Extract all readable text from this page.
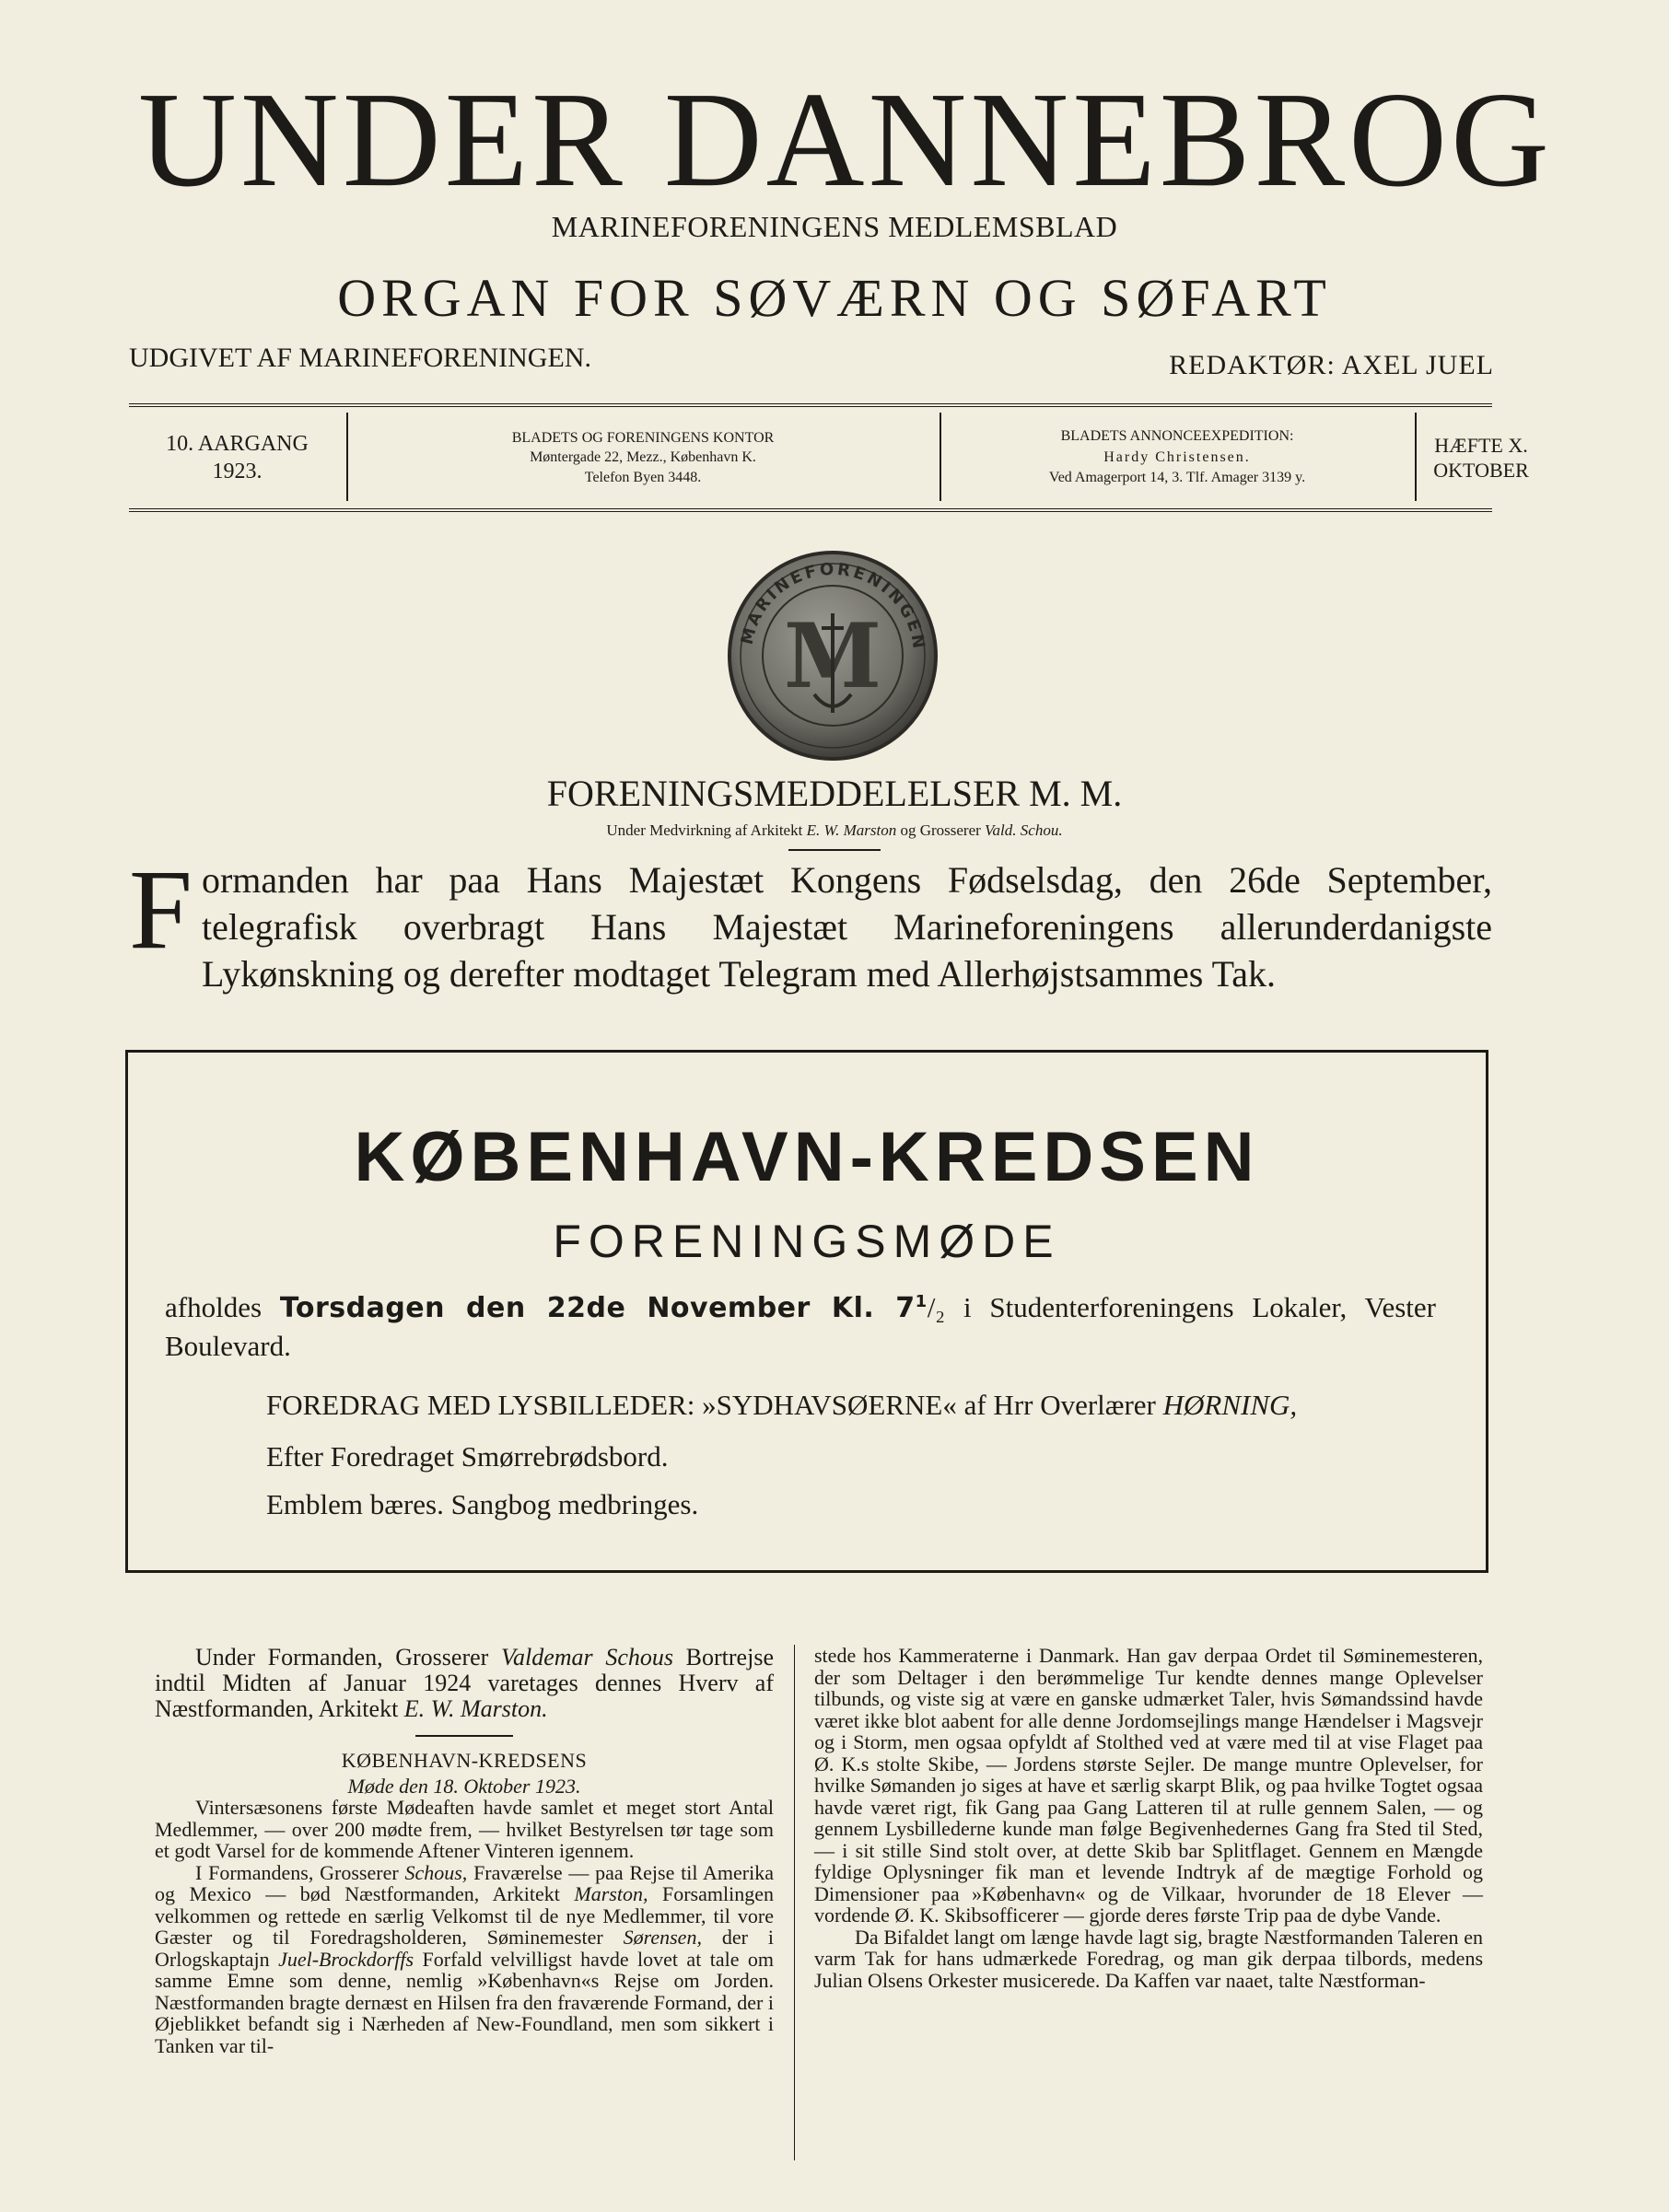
UNDER DANNEBROG
MARINEFORENINGENS MEDLEMSBLAD
ORGAN FOR SØVÆRN OG SØFART
UDGIVET AF MARINEFORENINGEN.	REDAKTØR: AXEL JUEL
10. AARGANG
1923.
BLADETS OG FORENINGENS KONTOR
Møntergade 22, Mezz., København K.
Telefon Byen 3448.
BLADETS ANNONCEEXPEDITION:
Hardy Christensen.
Ved Amagerport 14, 3. Tlf. Amager 3139 y.
HÆFTE X.
OKTOBER
MARINEFORENINGEN
M
FORENINGSMEDDELELSER M. M.

Under Medvirkning af Arkitekt E. W. Marston og Grosserer Vald. Schou.

Formanden har paa Hans Majestæt Kongens Fødselsdag, den 26de September, telegrafisk overbragt Hans Majestæt Marineforeningens allerunderdanigste Lykønskning og derefter modtaget Telegram med Allerhøjstsammes Tak.
KØBENHAVN-KREDSEN
FORENINGSMØDE
afholdes Torsdagen den 22de November Kl. $7^1/_2$ i Studenterforeningens Lokaler, Vester Boulevard.
FOREDRAG MED LYSBILLEDER: »SYDHAVSØERNE« af Hrr Overlærer HØRNING,
Efter Foredraget Smørrebrødsbord.
Emblem bæres. Sangbog medbringes.

Under Formanden, Grosserer Valdemar Schous Bortrejse indtil Midten af Januar 1924 varetages dennes Hverv af Næstformanden, Arkitekt E. W. Marston.

KØBENHAVN-KREDSENS

Møde den 18. Oktober 1923.

Vintersæsonens første Mødeaften havde samlet et meget stort Antal Medlemmer, — over 200 mødte frem, — hvilket Bestyrelsen tør tage som et godt Varsel for de kommende Aftener Vinteren igennem.

I Formandens, Grosserer Schous, Fraværelse — paa Rejse til Amerika og Mexico — bød Næstformanden, Arkitekt Marston, Forsamlingen velkommen og rettede en særlig Velkomst til de nye Medlemmer, til vore Gæster og til Foredragsholderen, Søminemester Sørensen, der i Orlogskaptajn Juel-Brockdorffs Forfald velvilligst havde lovet at tale om samme Emne som denne, nemlig »København«s Rejse om Jorden. Næstformanden bragte dernæst en Hilsen fra den fraværende Formand, der i Øjeblikket befandt sig i Nærheden af New-Foundland, men som sikkert i Tanken var til-

stede hos Kammeraterne i Danmark. Han gav derpaa Ordet til Søminemesteren, der som Deltager i den berømmelige Tur kendte dennes mange Oplevelser tilbunds, og viste sig at være en ganske udmærket Taler, hvis Sømandssind havde været ikke blot aabent for alle denne Jordomsejlings mange Hændelser i Magsvejr og i Storm, men ogsaa opfyldt af Stolthed ved at være med til at vise Flaget paa Ø. K.s stolte Skibe, — Jordens største Sejler. De mange muntre Oplevelser, for hvilke Sømanden jo siges at have et særlig skarpt Blik, og paa hvilke Togtet ogsaa havde været rigt, fik Gang paa Gang Latteren til at rulle gennem Salen, — og gennem Lysbillederne kunde man følge Begivenhedernes Gang fra Sted til Sted, — i sit stille Sind stolt over, at dette Skib bar Splitflaget. Gennem en Mængde fyldige Oplysninger fik man et levende Indtryk af de mægtige Forhold og Dimensioner paa »København« og de Vilkaar, hvorunder de 18 Elever — vordende Ø. K. Skibsofficerer — gjorde deres første Trip paa de dybe Vande.

Da Bifaldet langt om længe havde lagt sig, bragte Næstformanden Taleren en varm Tak for hans udmærkede Foredrag, og man gik derpaa tilbords, medens Julian Olsens Orkester musicerede. Da Kaffen var naaet, talte Næstforman-
